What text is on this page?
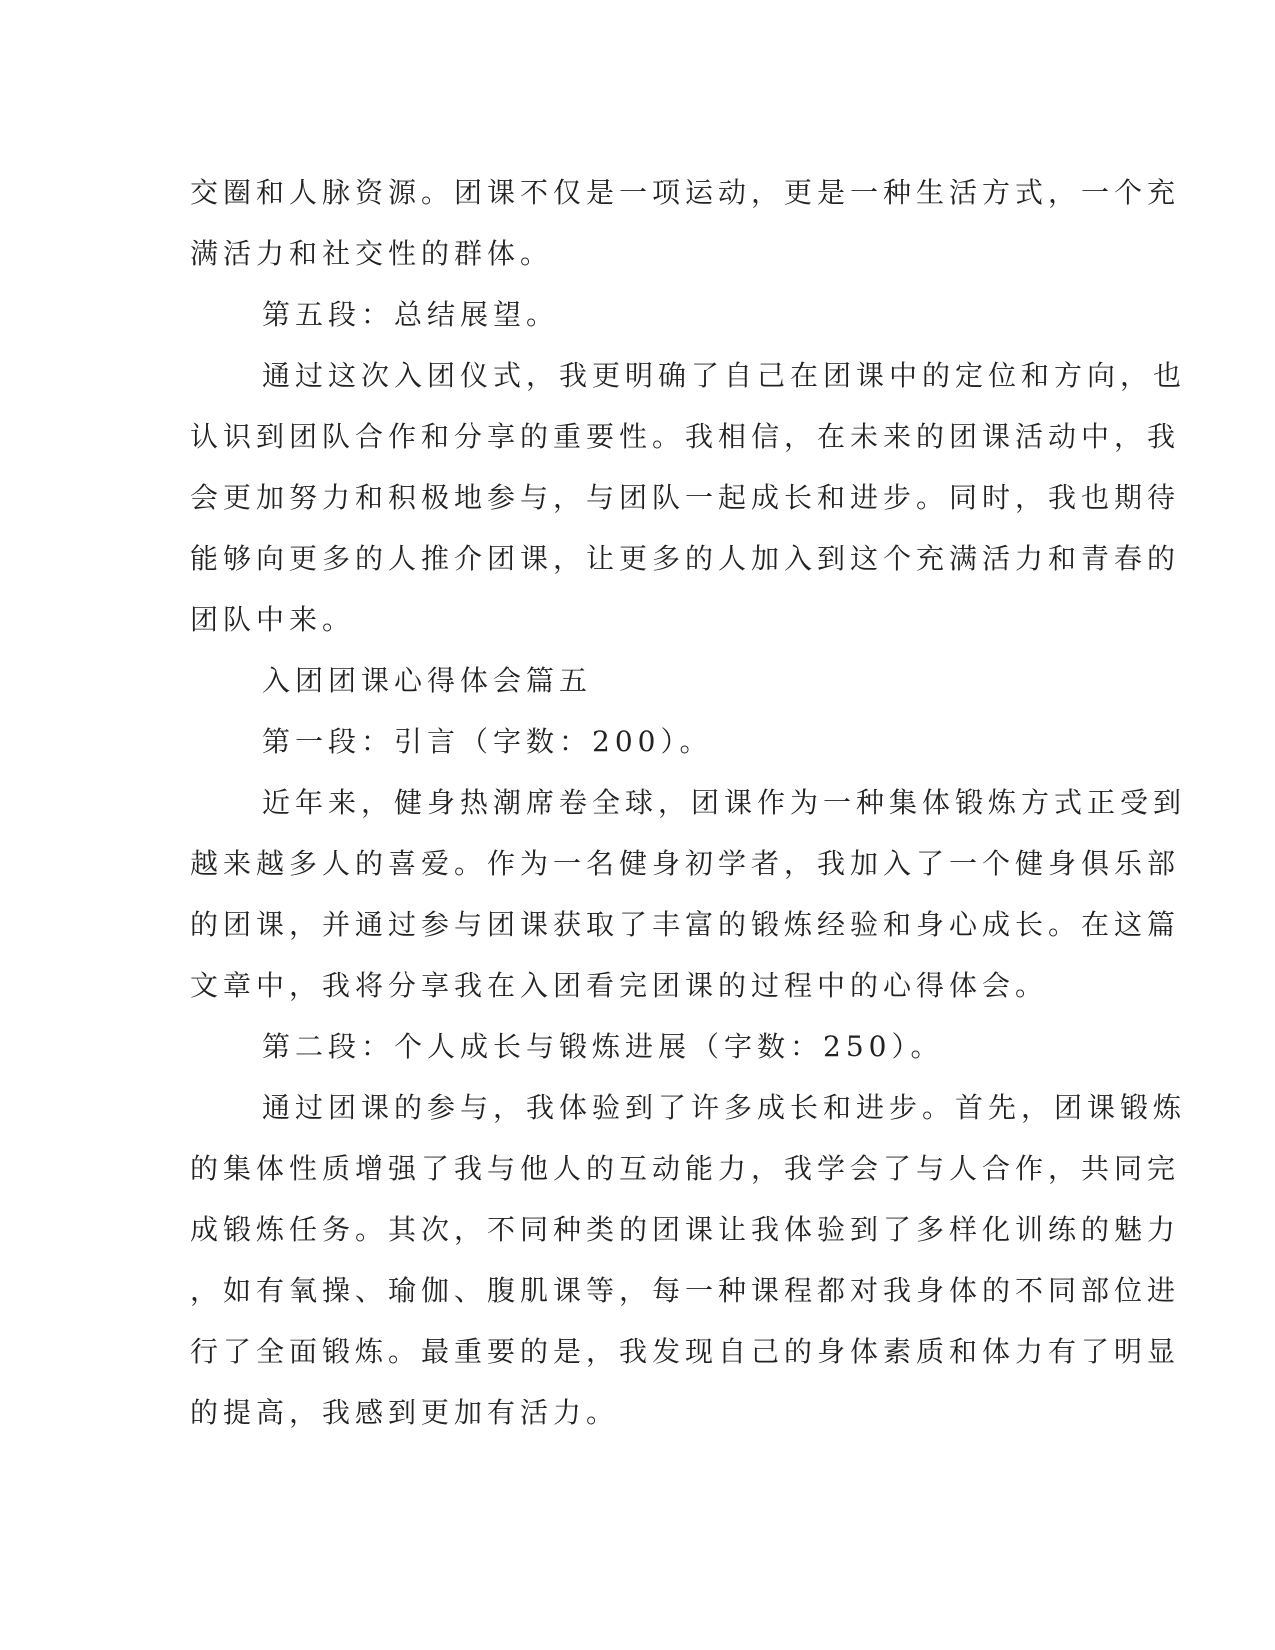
交圈和人脉资源。团课不仅是一项运动，更是一种生活方式，一个充
满活力和社交性的群体。

第五段：总结展望。

通过这次入团仪式，我更明确了自己在团课中的定位和方向，也
认识到团队合作和分享的重要性。我相信，在未来的团课活动中，我
会更加努力和积极地参与，与团队一起成长和进步。同时，我也期待
能够向更多的人推介团课，让更多的人加入到这个充满活力和青春的
团队中来。

入团团课心得体会篇五

第一段：引言（字数：200）。

近年来，健身热潮席卷全球，团课作为一种集体锻炼方式正受到
越来越多人的喜爱。作为一名健身初学者，我加入了一个健身俱乐部
的团课，并通过参与团课获取了丰富的锻炼经验和身心成长。在这篇
文章中，我将分享我在入团看完团课的过程中的心得体会。

第二段：个人成长与锻炼进展（字数：250）。

通过团课的参与，我体验到了许多成长和进步。首先，团课锻炼
的集体性质增强了我与他人的互动能力，我学会了与人合作，共同完
成锻炼任务。其次，不同种类的团课让我体验到了多样化训练的魅力
，如有氧操、瑜伽、腹肌课等，每一种课程都对我身体的不同部位进
行了全面锻炼。最重要的是，我发现自己的身体素质和体力有了明显
的提高，我感到更加有活力。
